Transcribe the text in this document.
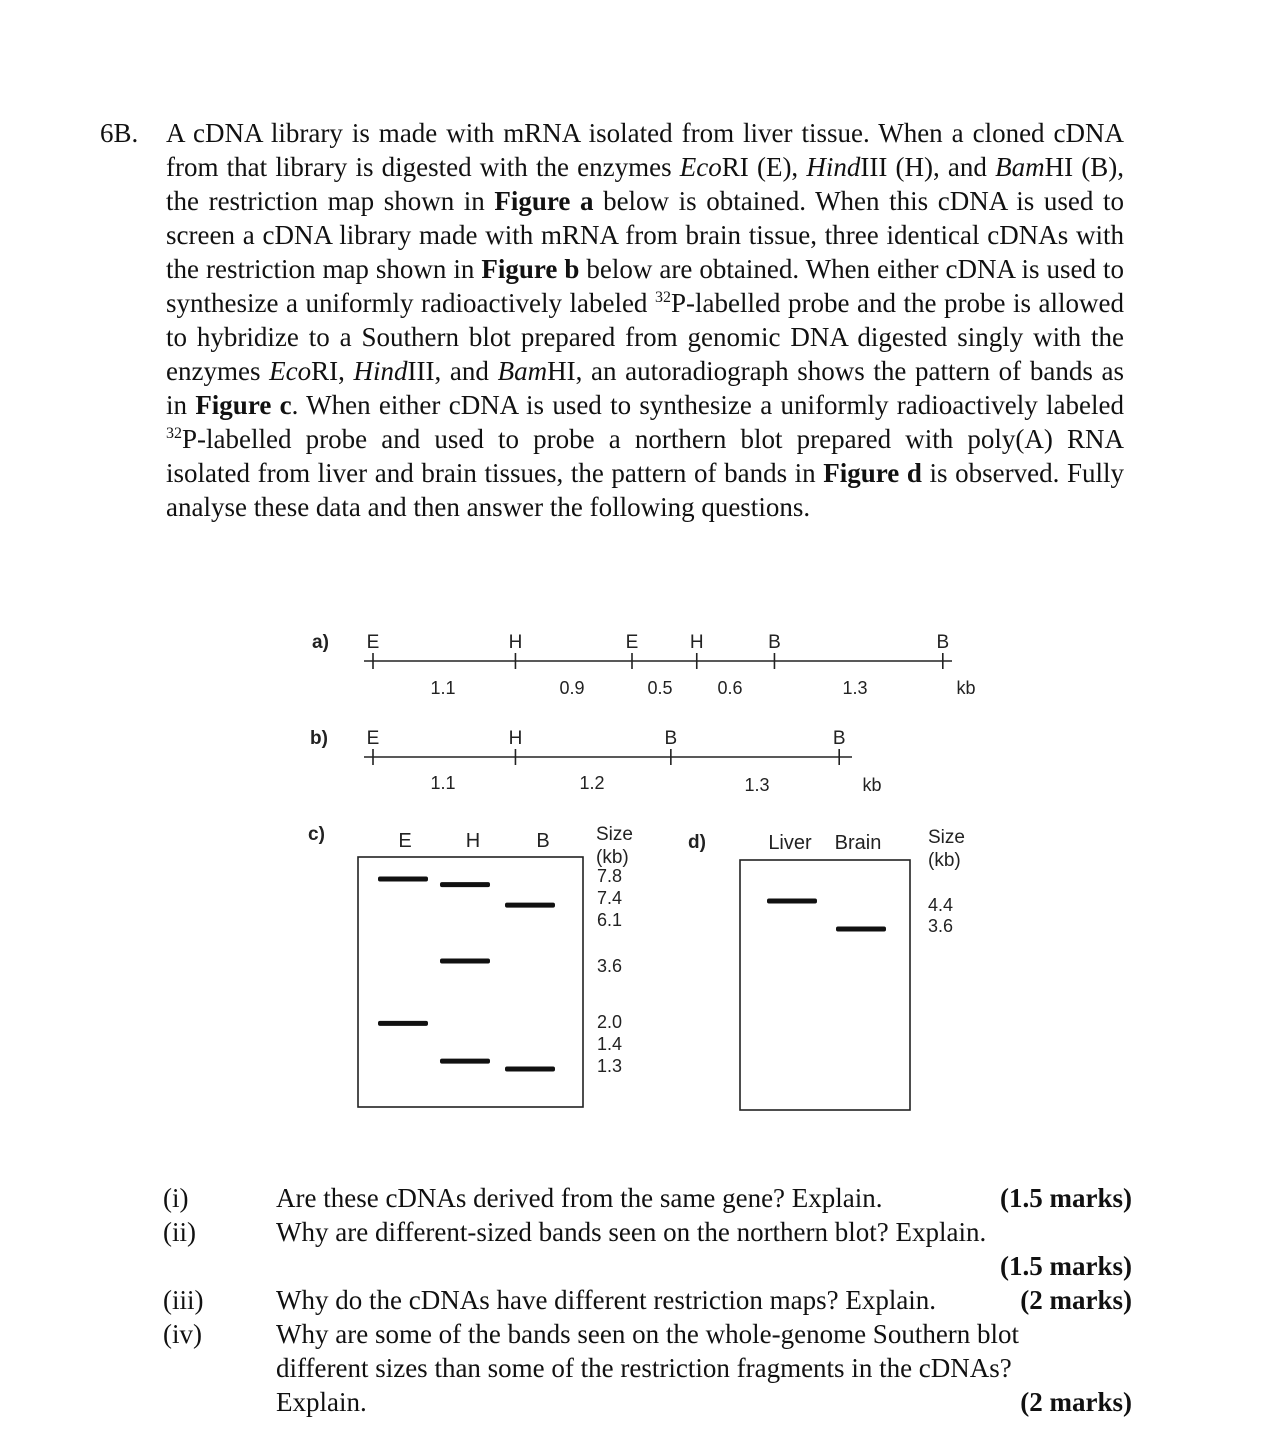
6B. A cDNA library is made with mRNA isolated from liver tissue. When a cloned cDNA from that library is digested with the enzymes EcoRI (E), HindIII (H), and BamHI (B), the restriction map shown in Figure a below is obtained. When this cDNA is used to screen a cDNA library made with mRNA from brain tissue, three identical cDNAs with the restriction map shown in Figure b below are obtained. When either cDNA is used to synthesize a uniformly radioactively labeled $^{32}$P-labelled probe and the probe is allowed to hybridize to a Southern blot prepared from genomic DNA digested singly with the enzymes EcoRI, HindIII, and BamHI, an autoradiograph shows the pattern of bands as in Figure c. When either cDNA is used to synthesize a uniformly radioactively labeled $^{32}$P-labelled probe and used to probe a northern blot prepared with poly(A) RNA isolated from liver and brain tissues, the pattern of bands in Figure d is observed. Fully analyse these data and then answer the following questions.

a) E	H	E	H	B	B
1.1	0.9	0.5 0.6	1.3	kb
b) E	H	B	B
1.1	1.2	1.3	kb
c)	E	H	B Size
(kb)
7.8
7.4
6.1
3.6
2.0
1.4
1.3
d)	Liver Brain Size
(kb)
4.4
3.6
(i)	Are these cDNAs derived from the same gene? Explain.	(1.5 marks)
(ii)	Why are different-sized bands seen on the northern blot? Explain.
(1.5 marks)
(iii)	Why do the cDNAs have different restriction maps? Explain.	(2 marks)
(iv)	Why are some of the bands seen on the whole-genome Southern blot different sizes than some of the restriction fragments in the cDNAs? Explain.	(2 marks)
